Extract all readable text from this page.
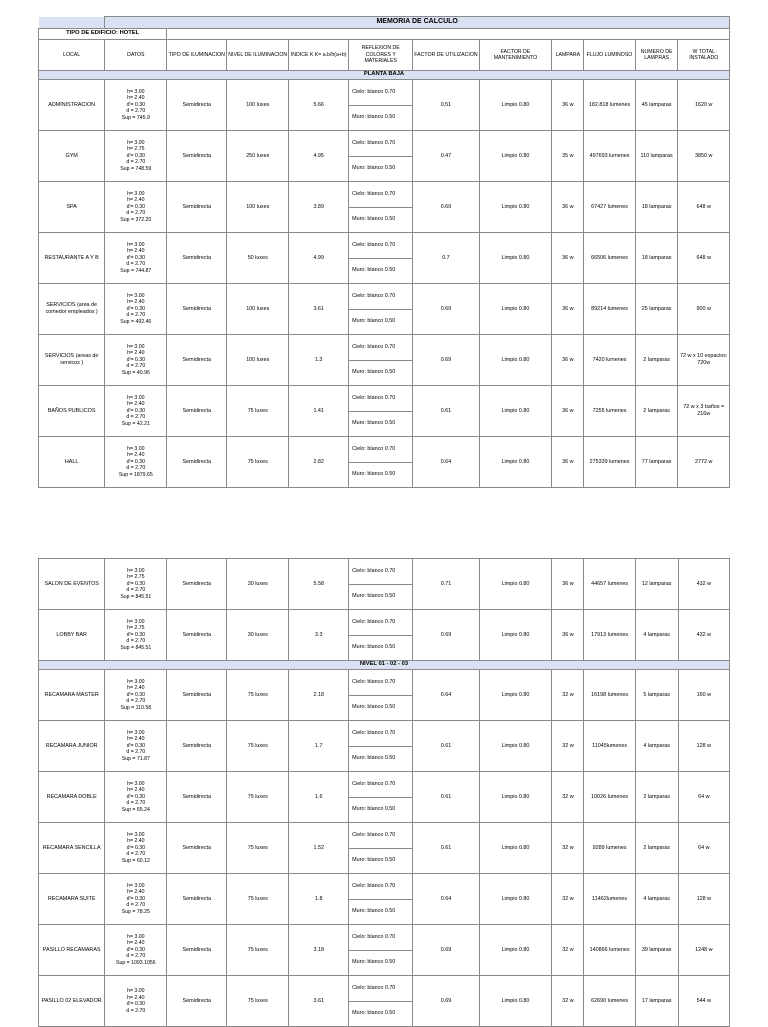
	MEMORIA DE CALCULO										
TIPO DE EDIFICIO: HOTEL											
LOCAL	DATOS	TIPO DE ILUMINACION	NIVEL DE ILUMINACION	INDICE K K= a.b/h(a+b)	REFLEXION DE COLORES Y MATERIALES	FACTOR DE UTILIZACION	FACTOR DE MANTENIMIENTO	LAMPARA	FLUJO LUMINOSO	NUMERO DE LAMPRAS	W TOTAL INSTALADO
PLANTA BAJA											
ADMINISTRACION	h= 3.00
h= 2.40
d'= 0.30
d = 2.70
Sup = 745.9	Semidirecta	100 luxes	5.66	Cielo: blanco 0.70	0.51	Limpio 0.80	36 w	182,818 lumenes	45 lamparas	1620 w
					Muro: blanco 0.50						
GYM	h= 3.00
h= 2.75
d'= 0.30
d = 2.70
Sup = 748.59	Semidirecta	250 luxes	4.95	Cielo: blanco 0.70	0.47	Limpio 0.80	35 w	497693 lumenes	110 lamparas	3850 w
					Muro: blanco 0.50						
SPA	h= 3.00
h= 2.40
d'= 0.30
d = 2.70
Sup = 372.20	Semidirecta	100 luxes	3.89	Cielo: blanco 0.70	0.69	Limpio 0.80	36 w	67427 lumenes	18 lamparas	648 w
					Muro: blanco 0.50						
RESTAURANTE A Y B	h= 3.00
h= 2.40
d'= 0.30
d = 2.70
Sup = 744.87	Semidirecta	50 luxes	4.99	Cielo: blanco 0.70	0.7	Limpio 0.80	36 w	66506 lumenes	18 lamparas	648 w
					Muro: blanco 0.50						
SERVICIOS (area de comedor empleados )	h= 3.00
h= 2.40
d'= 0.30
d = 2.70
Sup = 492.46	Semidirecta	100 luxes	3.61	Cielo: blanco 0.70	0.69	Limpio 0.80	36 w	89214 lumenes	25 lamparas	900 w
					Muro: blanco 0.50						
SERVICIOS (areas de servicos )	h= 3.00
h= 2.40
d'= 0.30
d = 2.70
Sup = 40.96	Semidirecta	100 luxes	1.3	Cielo: blanco 0.70	0.69	Limpio 0.80	36 w	7420 lumenes	2 lamparas	72 w x 10 espacios: 720w
					Muro: blanco 0.50						
BAÑOS PUBLICOS	h= 3.00
h= 2.40
d'= 0.30
d = 2.70
Sup = 42.21	Semidirecta	75 luxes	1.41	Cielo: blanco 0.70	0.61	Limpio 0.80	36 w	7255 lumenes	2 lamparas	72 w x 3 baños = 216w
					Muro: blanco 0.50						
HALL	h= 3.00
h= 2.40
d'= 0.30
d = 2.70
Sup = 1879.65	Semidirecta	75 luxes	2.82	Cielo: blanco 0.70	0.64	Limpio 0.80	36 w	275339 lumenes	77 lamparas	2772 w
					Muro: blanco 0.50						
SALON DE EVENTOS	h= 3.00
h= 2.75
d'= 0.30
d = 2.70
Sup = 845.51	Semidirecta	30 luxes	5.58	Cielo: blanco 0.70	0.71	Limpio 0.80	36 w	44657 lumenes	12 lamparas	432 w
					Muro: blanco 0.50						
LOBBY BAR	h= 3.00
h= 2.75
d'= 0.30
d = 2.70
Sup = 845.51	Semidirecta	30 luxes	3.3	Cielo: blanco 0.70	0.69	Limpio 0.80	36 w	17913 lumenes	4 lamparas	432 w
					Muro: blanco 0.50						
NIVEL 01 - 02 - 03											
RECAMARA MASTER	h= 3.00
h= 2.40
d'= 0.30
d = 2.70
Sup = 110.58	Semidirecta	75 luxes	2.18	Cielo: blanco 0.70	0.64	Limpio 0.80	32 w	16198 lumenes	5 lamparas	160 w
					Muro: blanco 0.50						
RECAMARA JUNIOR	h= 3.00
h= 2.40
d'= 0.30
d = 2.70
Sup = 71.87	Semidirecta	75 luxes	1.7	Cielo: blanco 0.70	0.61	Limpio 0.80	32 w	11045lumenes	4 lamparas	128 w
					Muro: blanco 0.50						
RECAMARA DOBLE	h= 3.00
h= 2.40
d'= 0.30
d = 2.70
Sup = 65.24	Semidirecta	75 luxes	1.6	Cielo: blanco 0.70	0.61	Limpio 0.80	32 w	10026 lumenes	2 lamparas	64 w
					Muro: blanco 0.50						
RECAMARA SENCILLA	h= 3.00
h= 2.40
d'= 0.30
d = 2.70
Sup = 60.12	Semidirecta	75 luxes	1.52	Cielo: blanco 0.70	0.61	Limpio 0.80	32 w	9289 lumenes	2 lamparas	64 w
					Muro: blanco 0.50						
RECAMARA SUITE	h= 3.00
h= 2.40
d'= 0.30
d = 2.70
Sup = 78.25	Semidirecta	75 luxes	1.8	Cielo: blanco 0.70	0.64	Limpio 0.80	32 w	11462lumenes	4 lamparas	128 w
					Muro: blanco 0.50						
PASILLO RECAMARAS	h= 3.00
h= 2.40
d'= 0.30
d = 2.70
Sup = 1093.1056	Semidirecta	75 luxes	3.18	Cielo: blanco 0.70	0.69	Limpio 0.80	32 w	140866 lumenes	39 lamparas	1248 w
					Muro: blanco 0.50						
PASILLO 02 ELEVADOR	h= 3.00
h= 2.40
d'= 0.30
d = 2.70	Semidirecta	75 luxes	3.61	Cielo: blanco 0.70	0.69	Limpio 0.80	32 w	62690 lumenes	17 lamparas	544 w
					Muro: blanco 0.50						
